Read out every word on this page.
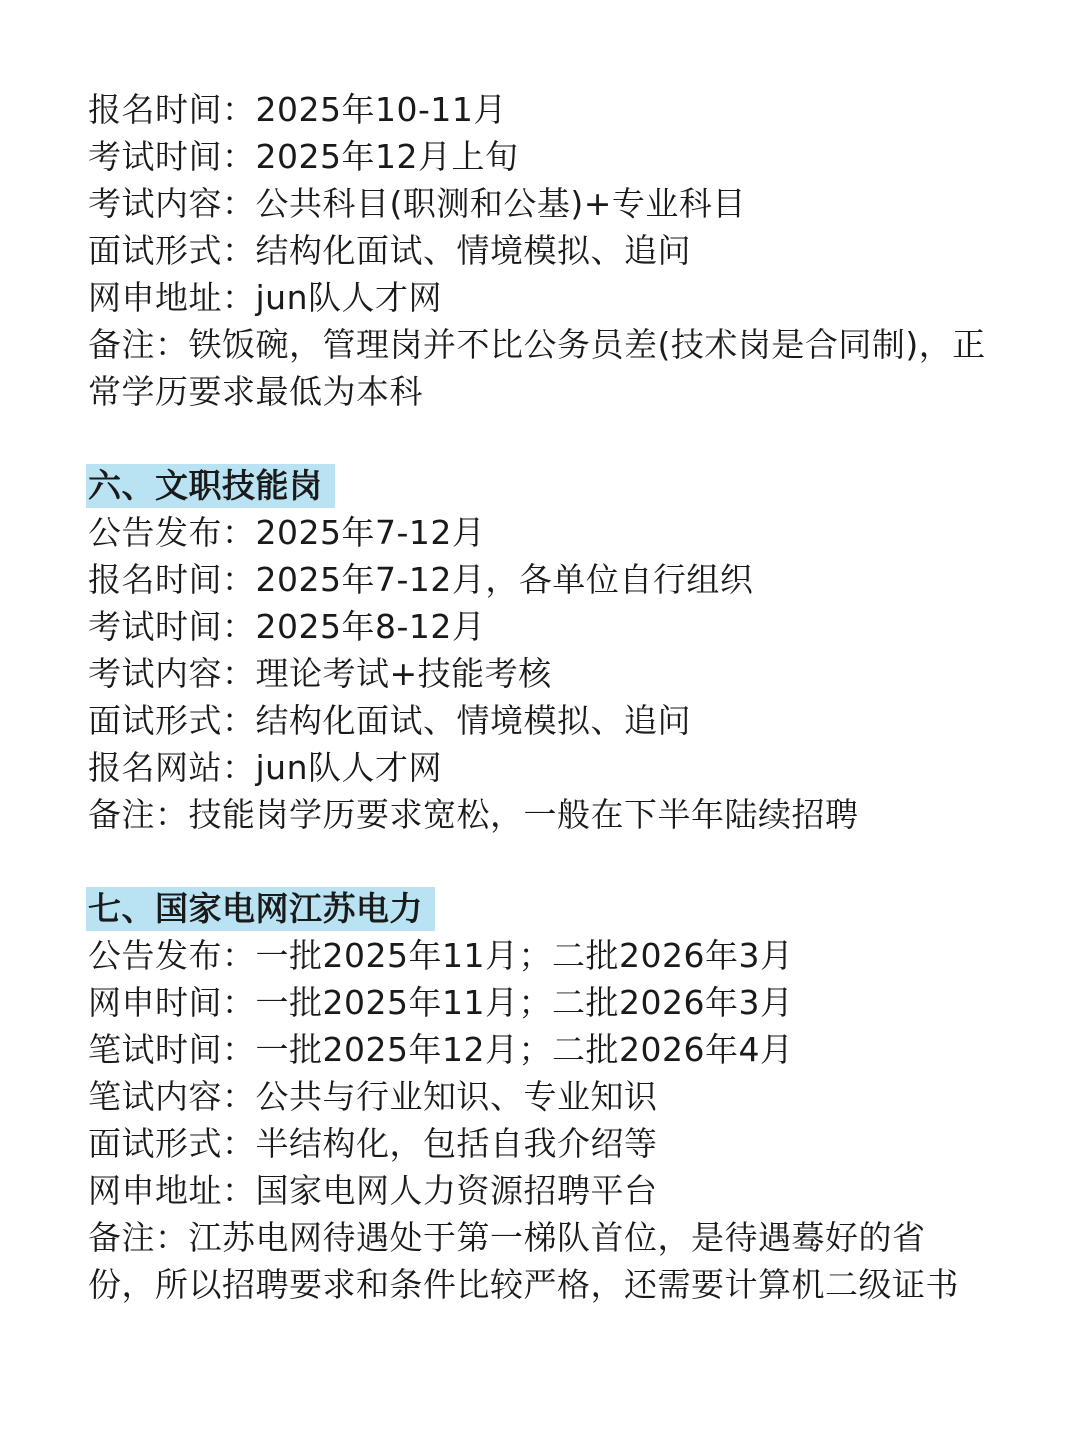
报名时间：2025年10-11月
考试时间：2025年12月上旬
考试内容：公共科目(职测和公基)+专业科目
面试形式：结构化面试、情境模拟、追问
网申地址：jun队人才网
备注：铁饭碗，管理岗并不比公务员差(技术岗是合同制)，正
常学历要求最低为本科
六、文职技能岗
公告发布：2025年7-12月
报名时间：2025年7-12月，各单位自行组织
考试时间：2025年8-12月
考试内容：理论考试+技能考核
面试形式：结构化面试、情境模拟、追问
报名网站：jun队人才网
备注：技能岗学历要求宽松，一般在下半年陆续招聘
七、国家电网江苏电力
公告发布：一批2025年11月；二批2026年3月
网申时间：一批2025年11月；二批2026年3月
笔试时间：一批2025年12月；二批2026年4月
笔试内容：公共与行业知识、专业知识
面试形式：半结构化，包括自我介绍等
网申地址：国家电网人力资源招聘平台
备注：江苏电网待遇处于第一梯队首位，是待遇蓦好的省
份，所以招聘要求和条件比较严格，还需要计算机二级证书
